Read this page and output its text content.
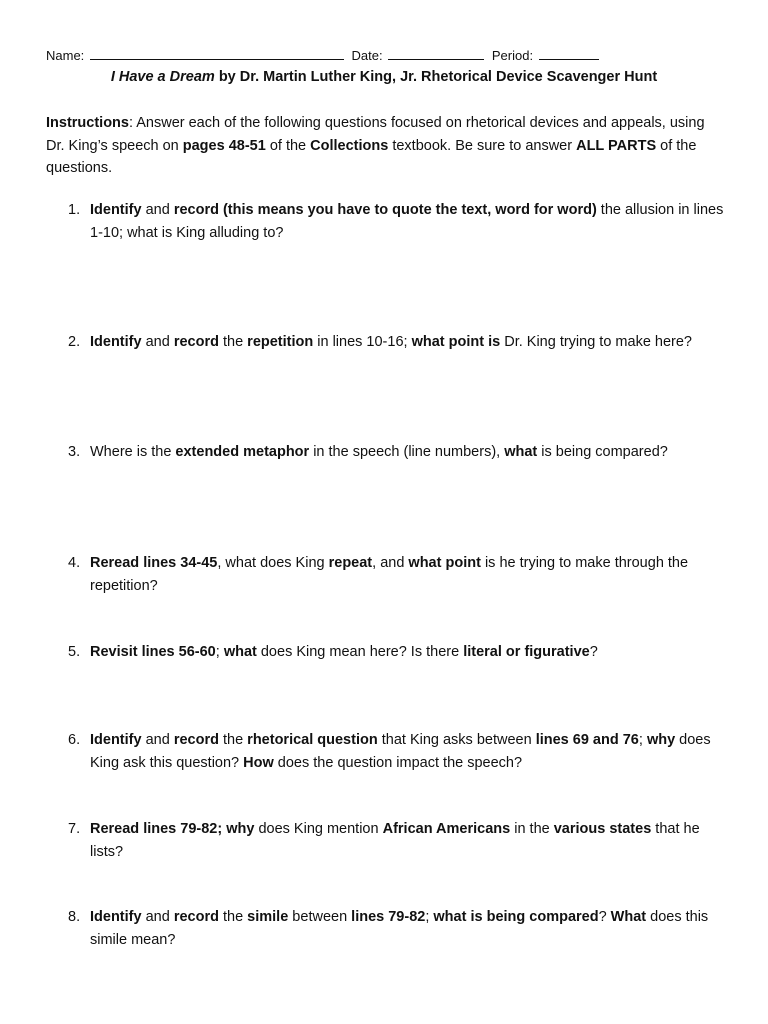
Name:	Date:	Period:
I Have a Dream by Dr. Martin Luther King, Jr. Rhetorical Device Scavenger Hunt
Instructions: Answer each of the following questions focused on rhetorical devices and appeals, using Dr. King’s speech on pages 48-51 of the Collections textbook. Be sure to answer ALL PARTS of the questions.
1. Identify and record (this means you have to quote the text, word for word) the allusion in lines 1-10; what is King alluding to?
2. Identify and record the repetition in lines 10-16; what point is Dr. King trying to make here?
3. Where is the extended metaphor in the speech (line numbers), what is being compared?
4. Reread lines 34-45, what does King repeat, and what point is he trying to make through the repetition?
5. Revisit lines 56-60; what does King mean here? Is there literal or figurative?
6. Identify and record the rhetorical question that King asks between lines 69 and 76; why does King ask this question? How does the question impact the speech?
7. Reread lines 79-82; why does King mention African Americans in the various states that he lists?
8. Identify and record the simile between lines 79-82; what is being compared? What does this simile mean?
